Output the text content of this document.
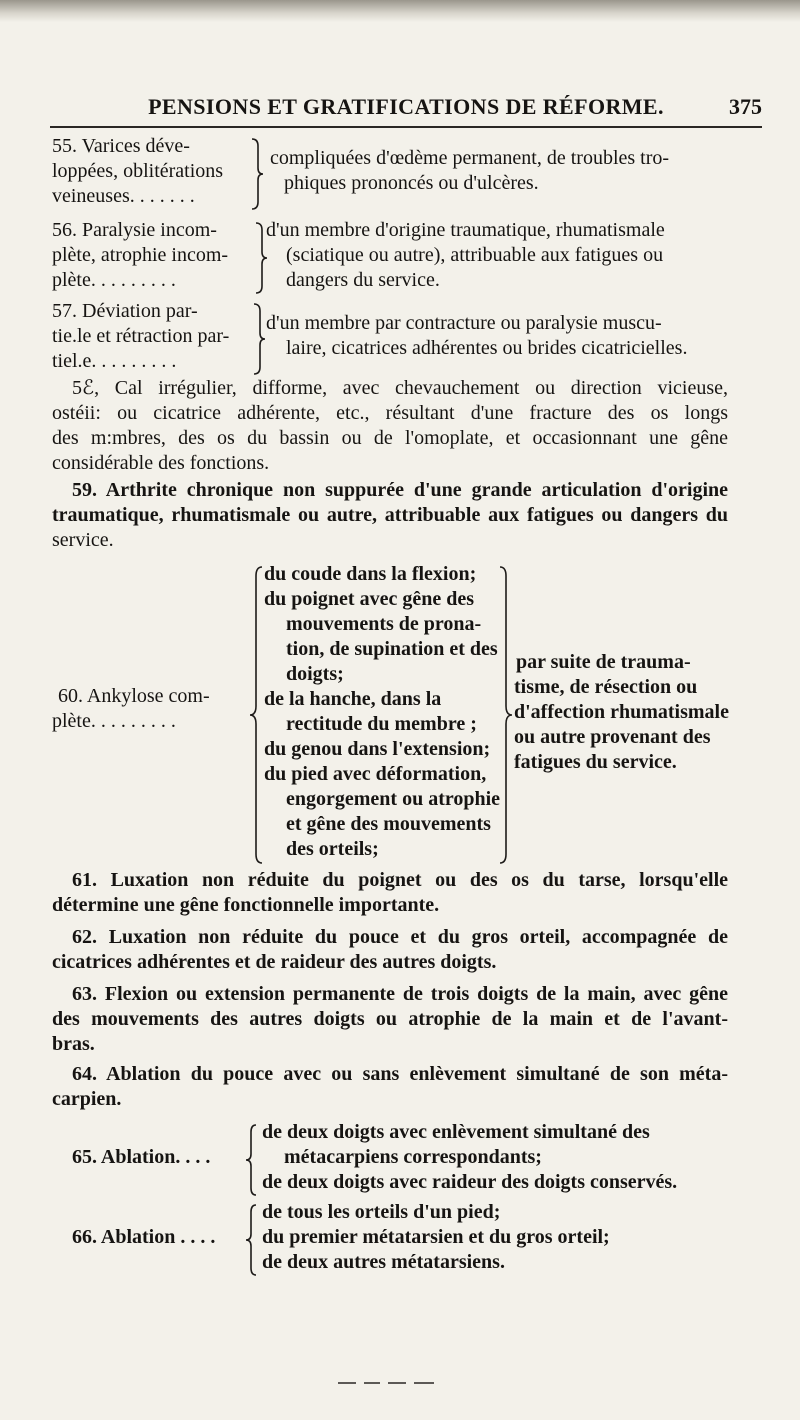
PENSIONS ET GRATIFICATIONS DE RÉFORME.	375
55. Varices déve-
loppées, oblitérations
veineuses. . . . . . .
compliquées d'œdème permanent, de troubles tro-
phiques prononcés ou d'ulcères.
56. Paralysie incom-
plète, atrophie incom-
plète. . . . . . . . .
d'un membre d'origine traumatique, rhumatismale
(sciatique ou autre), attribuable aux fatigues ou
dangers du service.
57. Déviation par-
tie.le et rétraction par-
tiel.e. . . . . . . . .
d'un membre par contracture ou paralysie muscu-
laire, cicatrices adhérentes ou brides cicatricielles.
5ℰ, Cal irrégulier, difforme, avec chevauchement ou direction vicieuse,
ostéii: ou cicatrice adhérente, etc., résultant d'une fracture des os longs
des m:mbres, des os du bassin ou de l'omoplate, et occasionnant une gêne
considérable des fonctions.
59. Arthrite chronique non suppurée d'une grande articulation d'origine
traumatique, rhumatismale ou autre, attribuable aux fatigues ou dangers du
service.
60. Ankylose com-
plète. . . . . . . . .
du coude dans la flexion;
du poignet avec gêne des
mouvements de prona-
tion, de supination et des
doigts;
de la hanche, dans la
rectitude du membre ;
du genou dans l'extension;
du pied avec déformation,
engorgement ou atrophie
et gêne des mouvements
des orteils;
par suite de trauma-
tisme, de résection ou
d'affection rhumatismale
ou autre provenant des
fatigues du service.
61. Luxation non réduite du poignet ou des os du tarse, lorsqu'elle
détermine une gêne fonctionnelle importante.
62. Luxation non réduite du pouce et du gros orteil, accompagnée de
cicatrices adhérentes et de raideur des autres doigts.
63. Flexion ou extension permanente de trois doigts de la main, avec gêne
des mouvements des autres doigts ou atrophie de la main et de l'avant-
bras.
64. Ablation du pouce avec ou sans enlèvement simultané de son méta-
carpien.
65. Ablation. . . .
de deux doigts avec enlèvement simultané des
métacarpiens correspondants;
de deux doigts avec raideur des doigts conservés.
66. Ablation . . . .
de tous les orteils d'un pied;
du premier métatarsien et du gros orteil;
de deux autres métatarsiens.
